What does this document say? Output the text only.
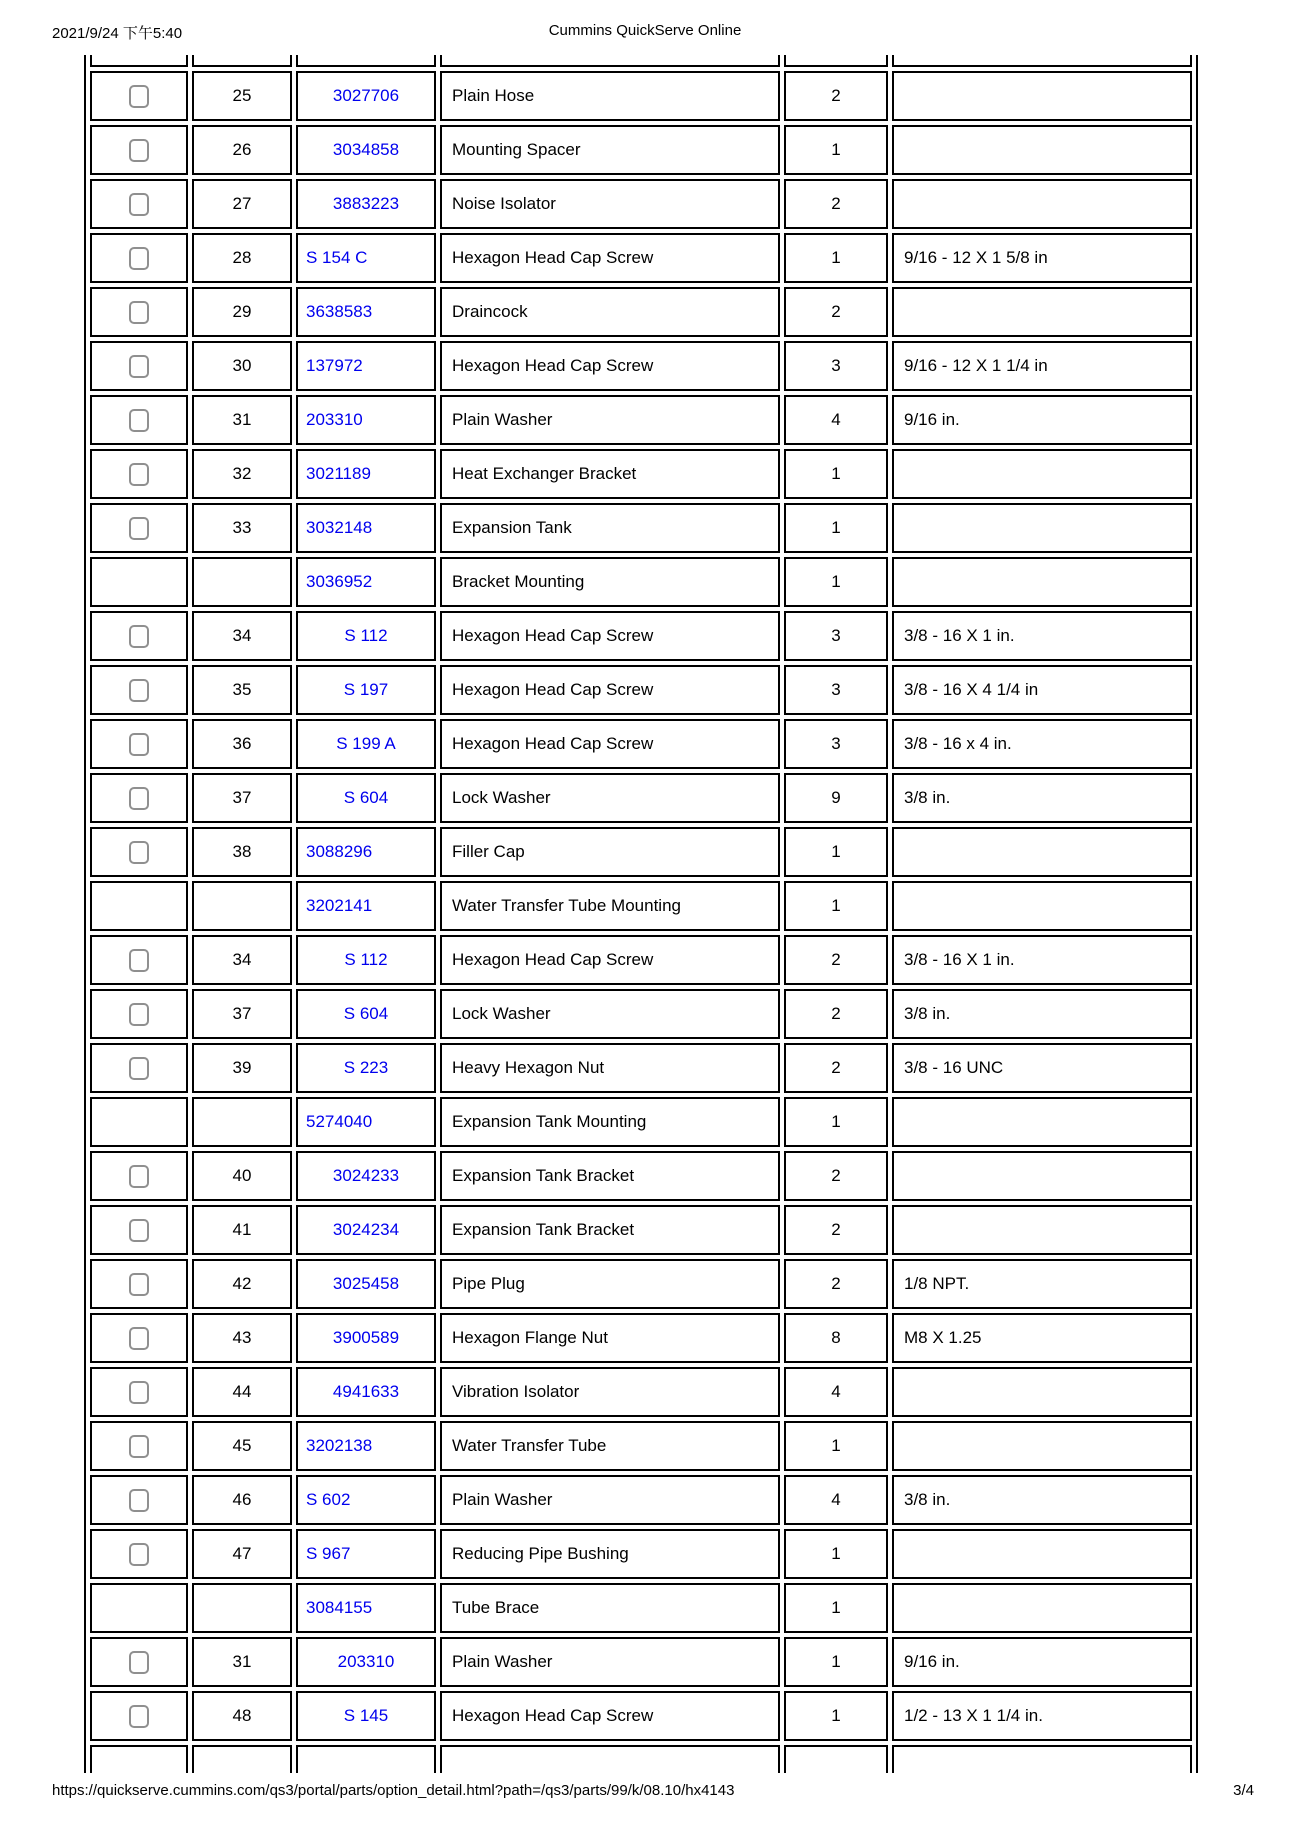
2021/9/24 下午5:40	Cummins QuickServe Online

	25	3027706	Plain Hose	2	
	26	3034858	Mounting Spacer	1	
	27	3883223	Noise Isolator	2	
	28	S 154 C	Hexagon Head Cap Screw	1	9/16 - 12 X 1 5/8 in
	29	3638583	Draincock	2	
	30	137972	Hexagon Head Cap Screw	3	9/16 - 12 X 1 1/4 in
	31	203310	Plain Washer	4	9/16 in.
	32	3021189	Heat Exchanger Bracket	1	
	33	3032148	Expansion Tank	1	
		3036952	Bracket Mounting	1	
	34	S 112	Hexagon Head Cap Screw	3	3/8 - 16 X 1 in.
	35	S 197	Hexagon Head Cap Screw	3	3/8 - 16 X 4 1/4 in
	36	S 199 A	Hexagon Head Cap Screw	3	3/8 - 16 x 4 in.
	37	S 604	Lock Washer	9	3/8 in.
	38	3088296	Filler Cap	1	
		3202141	Water Transfer Tube Mounting	1	
	34	S 112	Hexagon Head Cap Screw	2	3/8 - 16 X 1 in.
	37	S 604	Lock Washer	2	3/8 in.
	39	S 223	Heavy Hexagon Nut	2	3/8 - 16 UNC
		5274040	Expansion Tank Mounting	1	
	40	3024233	Expansion Tank Bracket	2	
	41	3024234	Expansion Tank Bracket	2	
	42	3025458	Pipe Plug	2	1/8 NPT.
	43	3900589	Hexagon Flange Nut	8	M8 X 1.25
	44	4941633	Vibration Isolator	4	
	45	3202138	Water Transfer Tube	1	
	46	S 602	Plain Washer	4	3/8 in.
	47	S 967	Reducing Pipe Bushing	1	
		3084155	Tube Brace	1	
	31	203310	Plain Washer	1	9/16 in.
	48	S 145	Hexagon Head Cap Screw	1	1/2 - 13 X 1 1/4 in.

https://quickserve.cummins.com/qs3/portal/parts/option_detail.html?path=/qs3/parts/99/k/08.10/hx4143	3/4
